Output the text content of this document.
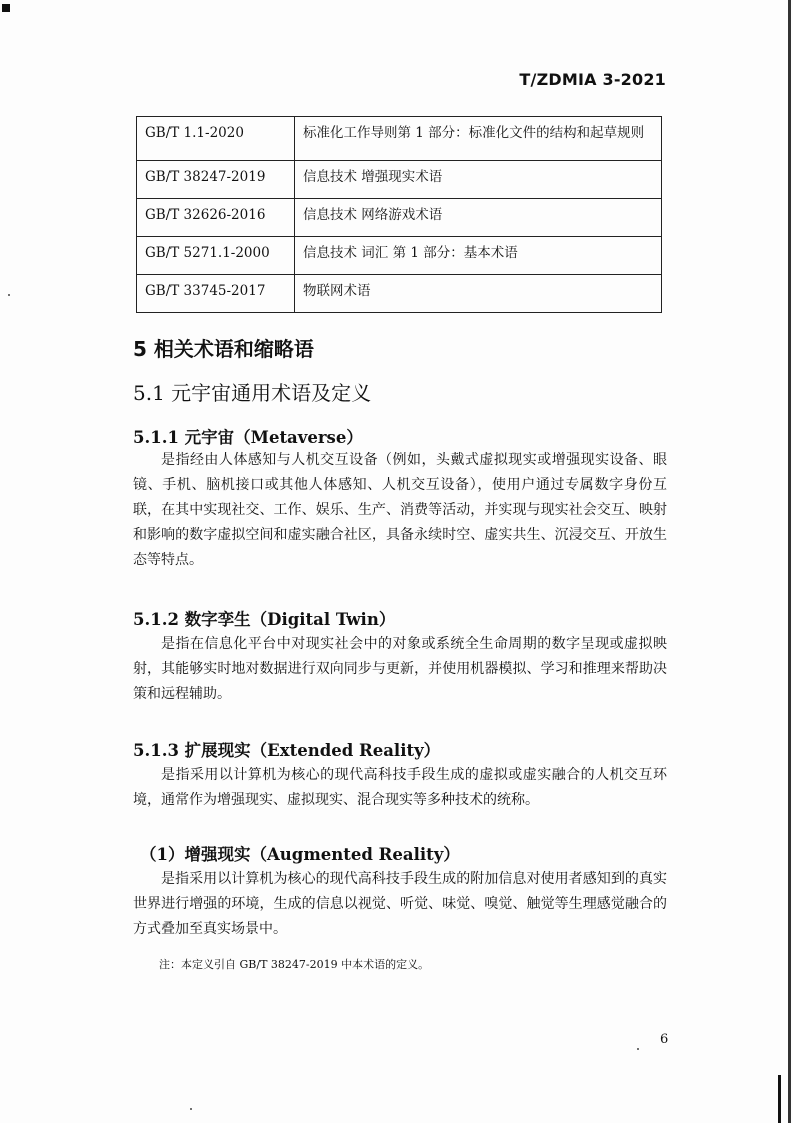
T/ZDMIA 3-2021
GB/T 1.1-2020	标准化工作导则第 1 部分：标准化文件的结构和起草规则
GB/T 38247-2019	信息技术 增强现实术语
GB/T 32626-2016	信息技术 网络游戏术语
GB/T 5271.1-2000	信息技术 词汇 第 1 部分：基本术语
GB/T 33745-2017	物联网术语
5 相关术语和缩略语
5.1 元宇宙通用术语及定义
5.1.1 元宇宙（Metaverse）
是指经由人体感知与人机交互设备（例如，头戴式虚拟现实或增强现实设备、眼镜、手机、脑机接口或其他人体感知、人机交互设备），使用户通过专属数字身份互联，在其中实现社交、工作、娱乐、生产、消费等活动，并实现与现实社会交互、映射和影响的数字虚拟空间和虚实融合社区，具备永续时空、虚实共生、沉浸交互、开放生态等特点。
5.1.2 数字孪生（Digital Twin）
是指在信息化平台中对现实社会中的对象或系统全生命周期的数字呈现或虚拟映射，其能够实时地对数据进行双向同步与更新，并使用机器模拟、学习和推理来帮助决策和远程辅助。
5.1.3 扩展现实（Extended Reality）
是指采用以计算机为核心的现代高科技手段生成的虚拟或虚实融合的人机交互环境，通常作为增强现实、虚拟现实、混合现实等多种技术的统称。
（1）增强现实（Augmented Reality）
是指采用以计算机为核心的现代高科技手段生成的附加信息对使用者感知到的真实世界进行增强的环境，生成的信息以视觉、听觉、味觉、嗅觉、触觉等生理感觉融合的方式叠加至真实场景中。
注：本定义引自 GB/T 38247-2019 中本术语的定义。
6
